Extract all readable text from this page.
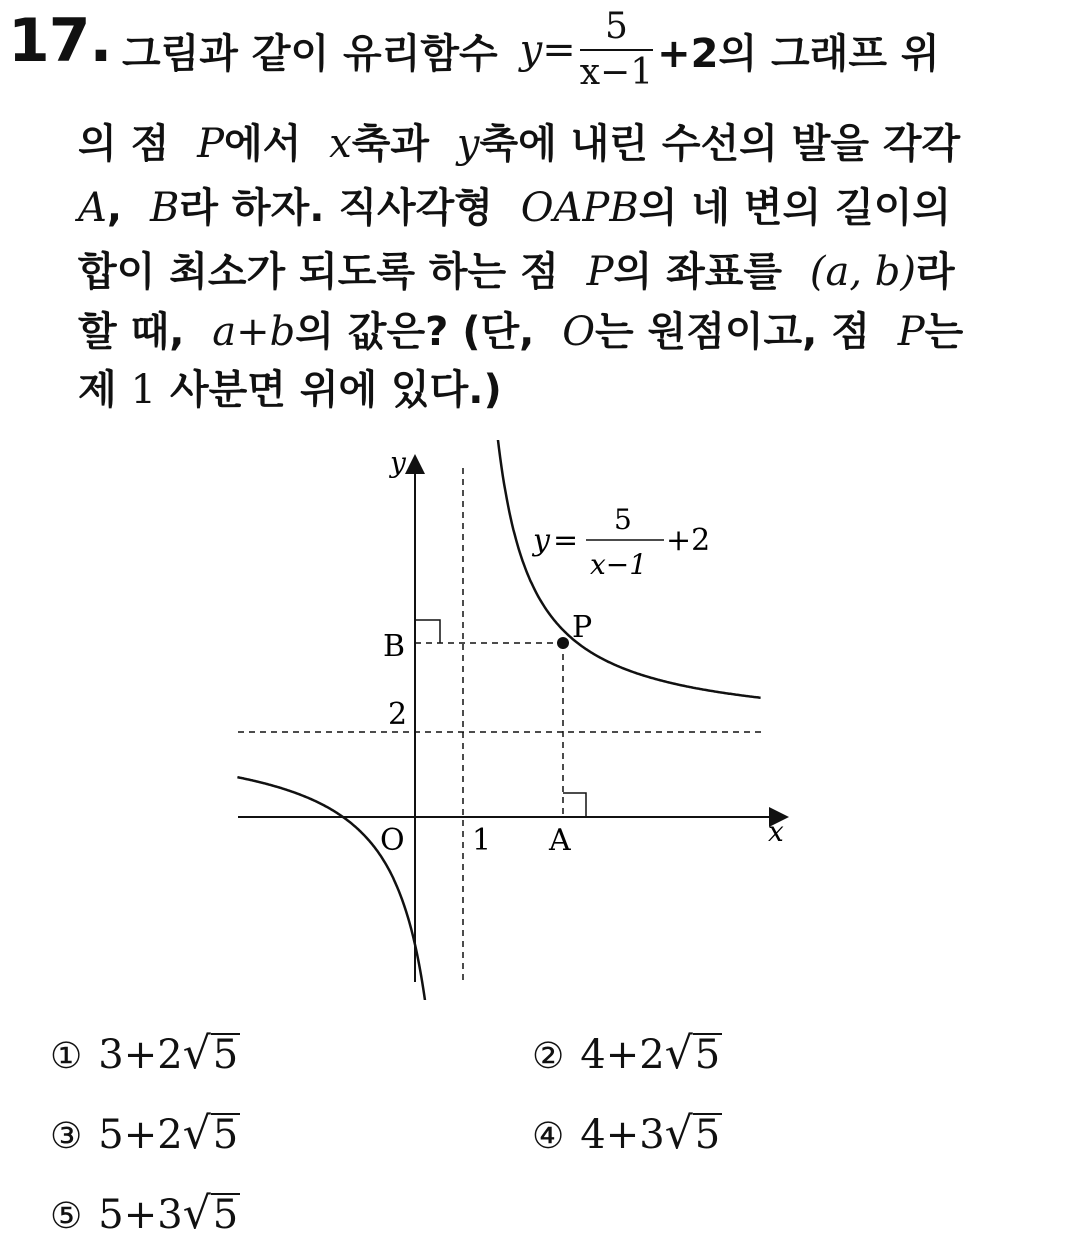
17. 그림과 같이 유리함수 $y = \frac{5}{x-1} +2$의 그래프 위
의 점 P에서 x축과 y축에 내린 수선의 발을 각각
A, B라 하자. 직사각형 OAPB의 네 변의 길이의
합이 최소가 되도록 하는 점 P의 좌표를 (a, b)라
할 때, a+b의 값은? (단, O는 원점이고, 점 P는
제 1 사분면 위에 있다.)
y
x
O 1 A
2
B
P
y =
5
x−1
+2
① 3+2√5	② 4+2√5
③ 5+2√5	④ 4+3√5
⑤ 5+3√5
